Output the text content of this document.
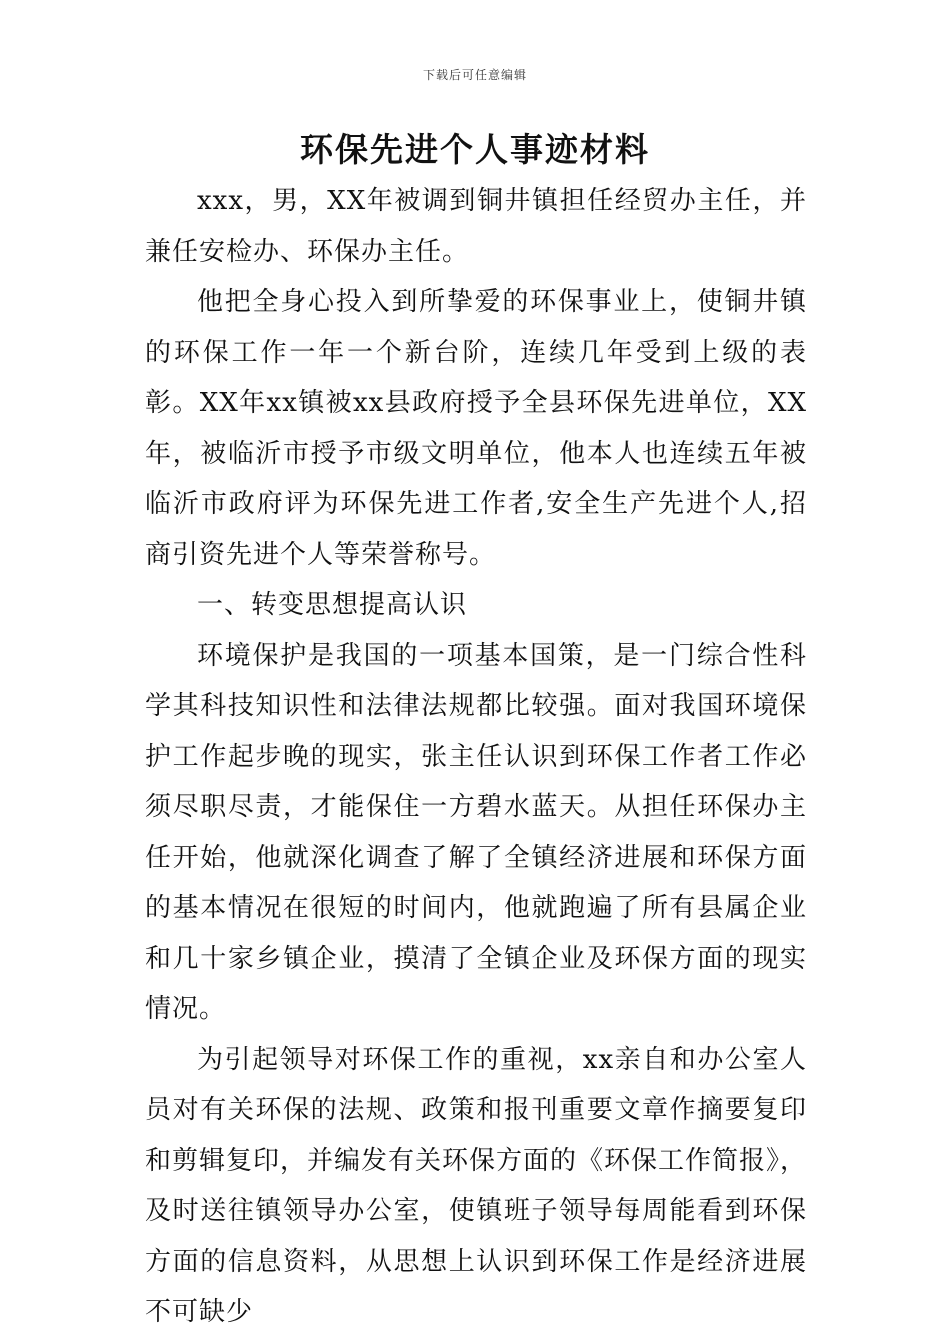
下载后可任意编辑
环保先进个人事迹材料

xxx，男，XX年被调到铜井镇担任经贸办主任，并兼任安检办、环保办主任。

他把全身心投入到所挚爱的环保事业上，使铜井镇的环保工作一年一个新台阶，连续几年受到上级的表彰。XX年xx镇被xx县政府授予全县环保先进单位，XX年，被临沂市授予市级文明单位，他本人也连续五年被临沂市政府评为环保先进工作者,安全生产先进个人,招商引资先进个人等荣誉称号。

一、转变思想提高认识

环境保护是我国的一项基本国策，是一门综合性科学其科技知识性和法律法规都比较强。面对我国环境保护工作起步晚的现实，张主任认识到环保工作者工作必须尽职尽责，才能保住一方碧水蓝天。从担任环保办主任开始，他就深化调查了解了全镇经济进展和环保方面的基本情况在很短的时间内，他就跑遍了所有县属企业和几十家乡镇企业，摸清了全镇企业及环保方面的现实情况。

为引起领导对环保工作的重视，xx亲自和办公室人员对有关环保的法规、政策和报刊重要文章作摘要复印和剪辑复印，并编发有关环保方面的《环保工作简报》，及时送往镇领导办公室，使镇班子领导每周能看到环保方面的信息资料，从思想上认识到环保工作是经济进展不可缺少
